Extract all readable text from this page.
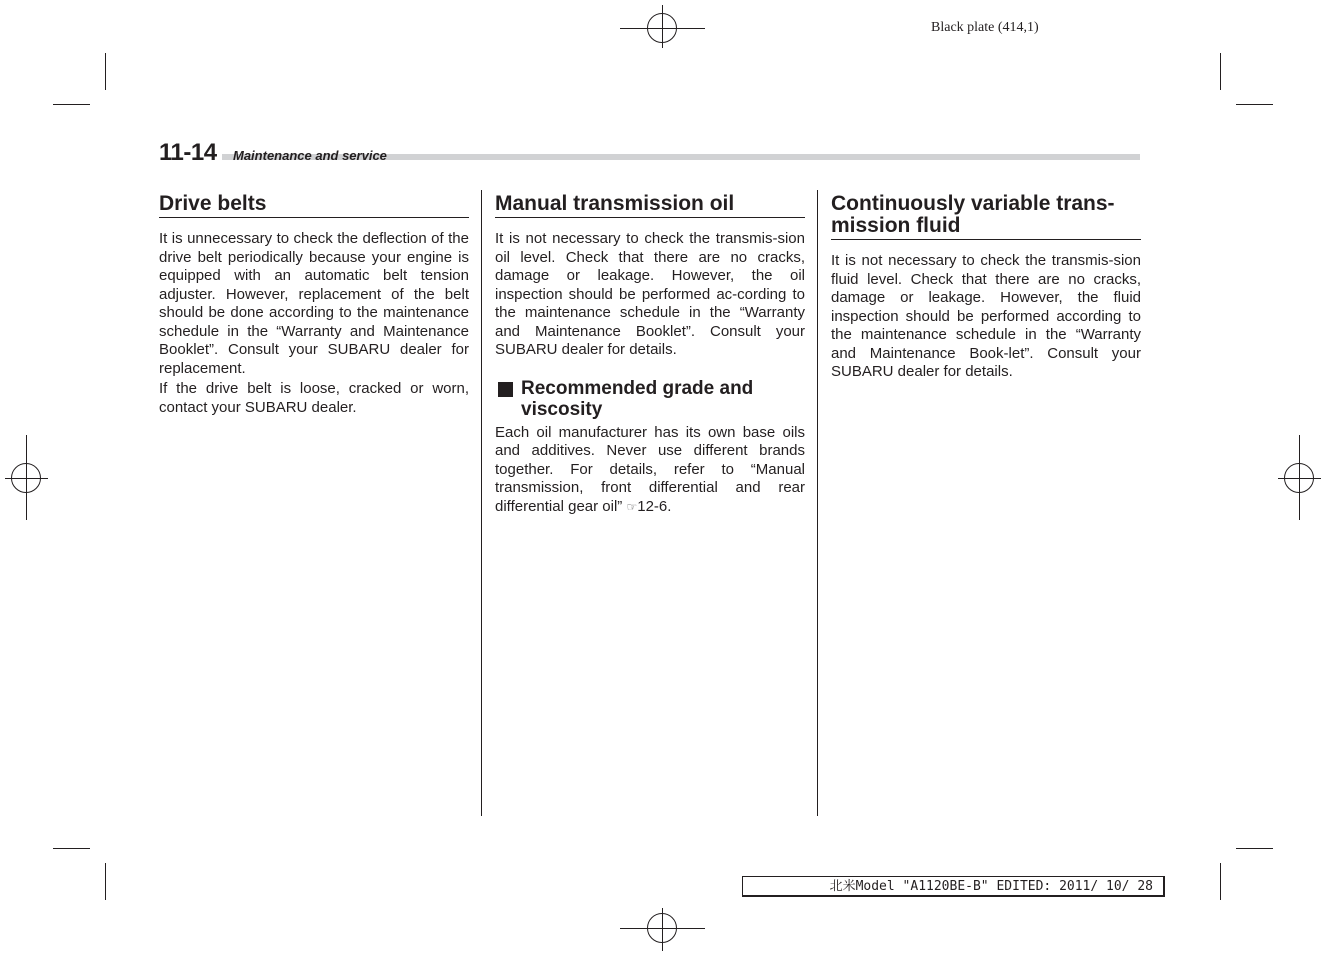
Black plate (414,1)
11-14 Maintenance and service
Drive belts

It is unnecessary to check the deflection of the drive belt periodically because your engine is equipped with an automatic belt tension adjuster. However, replacement of the belt should be done according to the maintenance schedule in the “Warranty and Maintenance Booklet”. Consult your SUBARU dealer for replacement.

If the drive belt is loose, cracked or worn, contact your SUBARU dealer.

Manual transmission oil

It is not necessary to check the transmis-sion oil level. Check that there are no cracks, damage or leakage. However, the oil inspection should be performed ac-cording to the maintenance schedule in the “Warranty and Maintenance Booklet”. Consult your SUBARU dealer for details.

Recommended grade and viscosity

Each oil manufacturer has its own base oils and additives. Never use different brands together. For details, refer to “Manual transmission, front differential and rear differential gear oil” ☞12-6.

Continuously variable trans-mission fluid

It is not necessary to check the transmis-sion fluid level. Check that there are no cracks, damage or leakage. However, the fluid inspection should be performed according to the maintenance schedule in the “Warranty and Maintenance Book-let”. Consult your SUBARU dealer for details.

北米Model "A1120BE-B" EDITED: 2011/ 10/ 28
